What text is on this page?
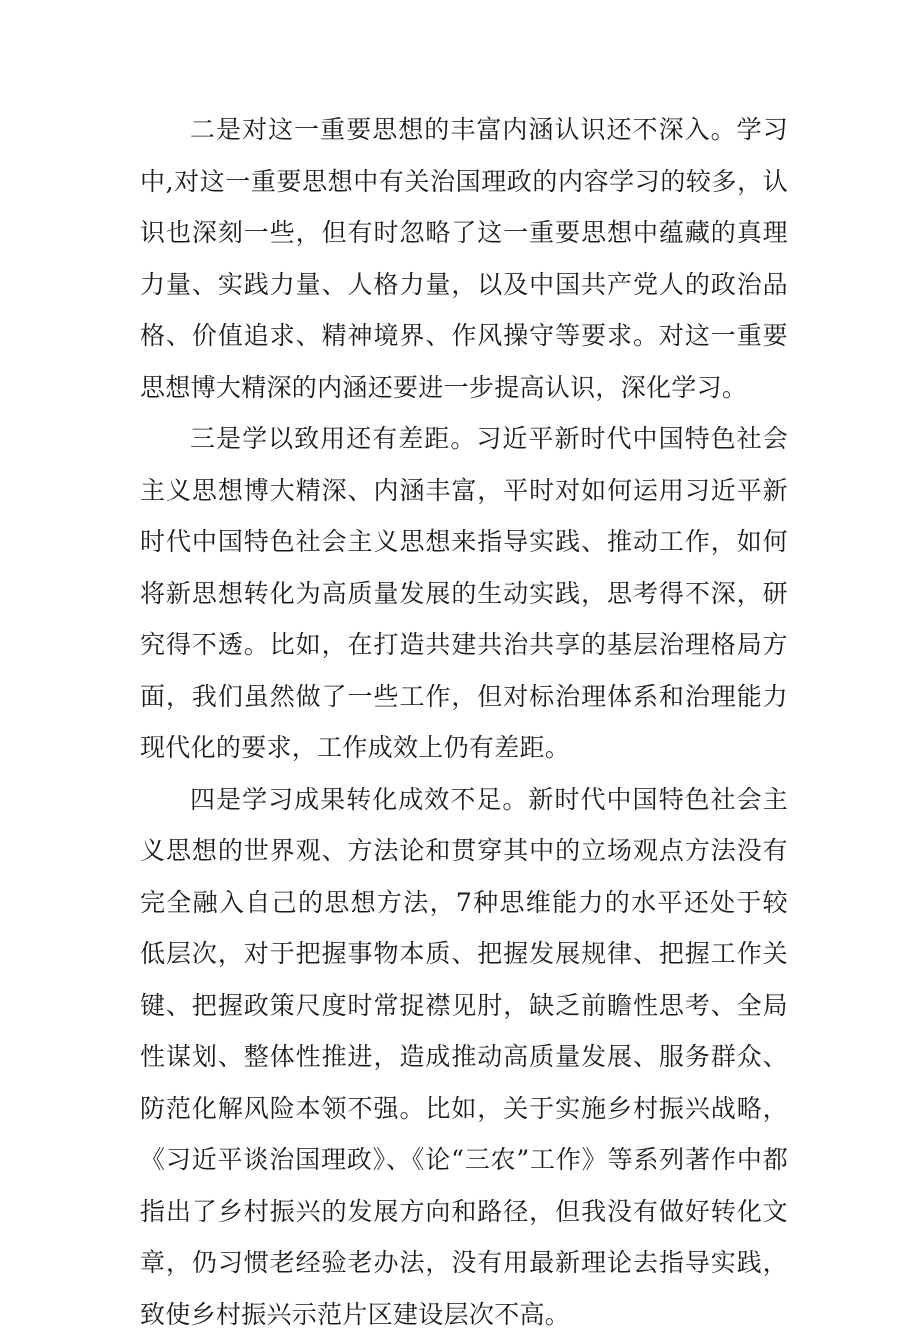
二是对这一重要思想的丰富内涵认识还不深入。学习中,对这一重要思想中有关治国理政的内容学习的较多，认识也深刻一些，但有时忽略了这一重要思想中蕴藏的真理力量、实践力量、人格力量，以及中国共产党人的政治品格、价值追求、精神境界、作风操守等要求。对这一重要思想博大精深的内涵还要进一步提高认识，深化学习。

三是学以致用还有差距。习近平新时代中国特色社会主义思想博大精深、内涵丰富，平时对如何运用习近平新时代中国特色社会主义思想来指导实践、推动工作，如何将新思想转化为高质量发展的生动实践，思考得不深，研究得不透。比如，在打造共建共治共享的基层治理格局方面，我们虽然做了一些工作，但对标治理体系和治理能力现代化的要求，工作成效上仍有差距。

四是学习成果转化成效不足。新时代中国特色社会主义思想的世界观、方法论和贯穿其中的立场观点方法没有完全融入自己的思想方法，7种思维能力的水平还处于较低层次，对于把握事物本质、把握发展规律、把握工作关键、把握政策尺度时常捉襟见肘，缺乏前瞻性思考、全局性谋划、整体性推进，造成推动高质量发展、服务群众、防范化解风险本领不强。比如，关于实施乡村振兴战略，《习近平谈治国理政》、《论“三农”工作》等系列著作中都指出了乡村振兴的发展方向和路径，但我没有做好转化文章，仍习惯老经验老办法，没有用最新理论去指导实践，致使乡村振兴示范片区建设层次不高。
